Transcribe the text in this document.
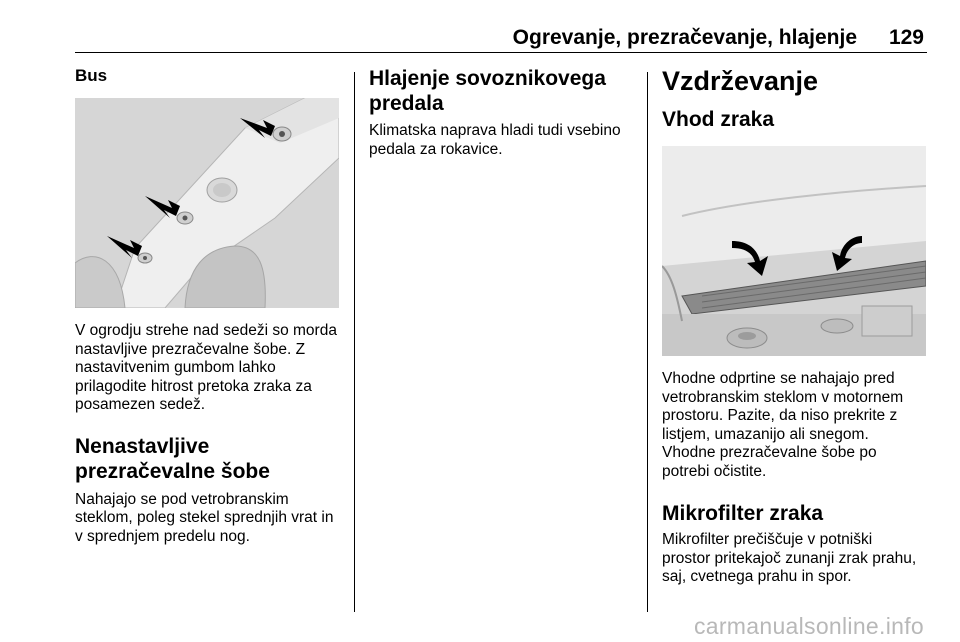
Ogrevanje, prezračevanje, hlajenje 129
Bus

V ogrodju strehe nad sedeži so morda
nastavljive prezračevalne šobe. Z
nastavitvenim gumbom lahko
prilagodite hitrost pretoka zraka za
posamezen sedež.

Nenastavljive
prezračevalne šobe

Nahajajo se pod vetrobranskim
steklom, poleg stekel sprednjih vrat in
v sprednjem predelu nog.

Hlajenje sovoznikovega
predala

Klimatska naprava hladi tudi vsebino
pedala za rokavice.

Vzdrževanje
Vhod zraka

Vhodne odprtine se nahajajo pred
vetrobranskim steklom v motornem
prostoru. Pazite, da niso prekrite z
listjem, umazanijo ali snegom.
Vhodne prezračevalne šobe po
potrebi očistite.

Mikrofilter zraka

Mikrofilter prečiščuje v potniški
prostor pritekajoč zunanji zrak prahu,
saj, cvetnega prahu in spor.

carmanualsonline.info
